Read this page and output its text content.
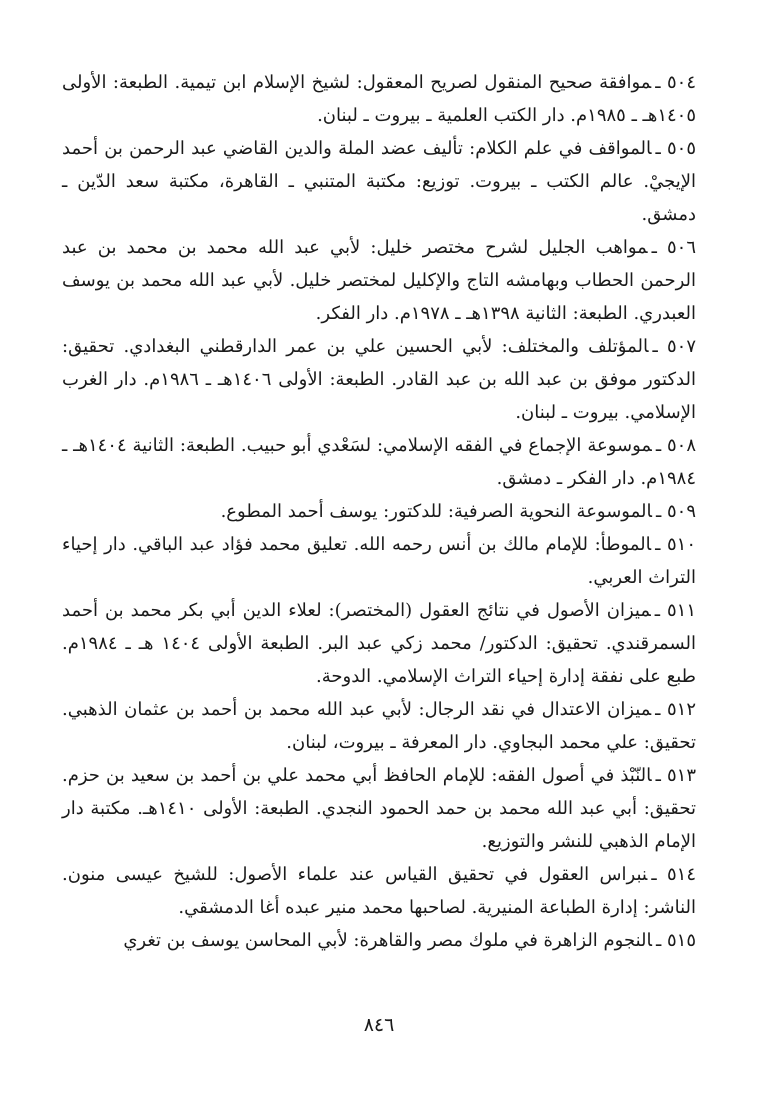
٥٠٤ ـموافقة صحيح المنقول لصريح المعقول: لشيخ الإسلام ابن تيمية. الطبعة: الأولى ١٤٠٥هـ ـ ١٩٨٥م. دار الكتب العلمية ـ بيروت ـ لبنان.

٥٠٥ ـالمواقف في علم الكلام: تأليف عضد الملة والدين القاضي عبد الرحمن بن أحمد الإيجيْ. عالم الكتب ـ بيروت. توزيع: مكتبة المتنبي ـ القاهرة، مكتبة سعد الدّين ـ دمشق.

٥٠٦ ـمواهب الجليل لشرح مختصر خليل: لأبي عبد الله محمد بن محمد بن عبد الرحمن الحطاب وبهامشه التاج والإكليل لمختصر خليل. لأبي عبد الله محمد بن يوسف العبدري. الطبعة: الثانية ١٣٩٨هـ ـ ١٩٧٨م. دار الفكر.

٥٠٧ ـالمؤتلف والمختلف: لأبي الحسين علي بن عمر الدارقطني البغدادي. تحقيق: الدكتور موفق بن عبد الله بن عبد القادر. الطبعة: الأولى ١٤٠٦هـ ـ ١٩٨٦م. دار الغرب الإسلامي. بيروت ـ لبنان.

٥٠٨ ـموسوعة الإجماع في الفقه الإسلامي: لسَعْدي أبو حبيب. الطبعة: الثانية ١٤٠٤هـ ـ ١٩٨٤م. دار الفكر ـ دمشق.

٥٠٩ ـالموسوعة النحوية الصرفية: للدكتور: يوسف أحمد المطوع.

٥١٠ ـالموطأ: للإمام مالك بن أنس رحمه الله. تعليق محمد فؤاد عبد الباقي. دار إحياء التراث العربي.

٥١١ ـميزان الأصول في نتائج العقول (المختصر): لعلاء الدين أبي بكر محمد بن أحمد السمرقندي. تحقيق: الدكتور/ محمد زكي عبد البر. الطبعة الأولى ١٤٠٤ هـ ـ ١٩٨٤م. طبع على نفقة إدارة إحياء التراث الإسلامي. الدوحة.

٥١٢ ـميزان الاعتدال في نقد الرجال: لأبي عبد الله محمد بن أحمد بن عثمان الذهبي. تحقيق: علي محمد البجاوي. دار المعرفة ـ بيروت، لبنان.

٥١٣ ـالنّبْذ في أصول الفقه: للإمام الحافظ أبي محمد علي بن أحمد بن سعيد بن حزم. تحقيق: أبي عبد الله محمد بن حمد الحمود النجدي. الطبعة: الأولى ١٤١٠هـ. مكتبة دار الإمام الذهبي للنشر والتوزيع.

٥١٤ ـنبراس العقول في تحقيق القياس عند علماء الأصول: للشيخ عيسى منون. الناشر: إدارة الطباعة المنيرية. لصاحبها محمد منير عبده أغا الدمشقي.

٥١٥ ـالنجوم الزاهرة في ملوك مصر والقاهرة: لأبي المحاسن يوسف بن تغري

٨٤٦
